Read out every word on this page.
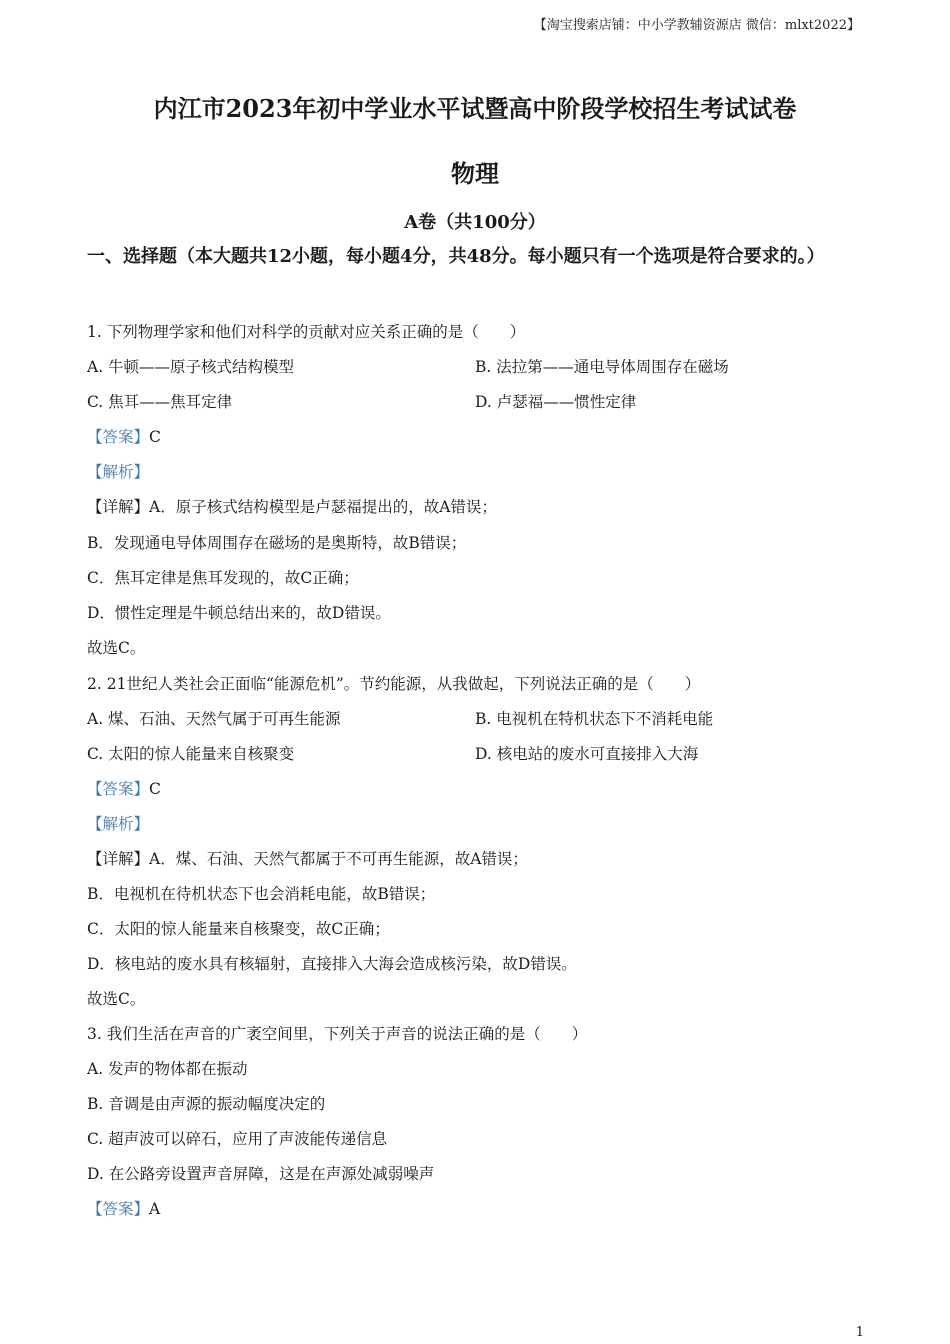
【淘宝搜索店铺：中小学教辅资源店 微信：mlxt2022】
内江市2023年初中学业水平试暨高中阶段学校招生考试试卷
物理
A卷（共100分）
一、选择题（本大题共12小题，每小题4分，共48分。每小题只有一个选项是符合要求的。）
1. 下列物理学家和他们对科学的贡献对应关系正确的是（　　）
A. 牛顿——原子核式结构模型	B. 法拉第——通电导体周围存在磁场
C. 焦耳——焦耳定律	D. 卢瑟福——惯性定律
【答案】C
【解析】
【详解】A．原子核式结构模型是卢瑟福提出的，故A错误；
B．发现通电导体周围存在磁场的是奥斯特，故B错误；
C．焦耳定律是焦耳发现的，故C正确；
D．惯性定理是牛顿总结出来的，故D错误。
故选C。
2. 21世纪人类社会正面临“能源危机”。节约能源，从我做起，下列说法正确的是（　　）
A. 煤、石油、天然气属于可再生能源	B. 电视机在特机状态下不消耗电能
C. 太阳的惊人能量来自核聚变	D. 核电站的废水可直接排入大海
【答案】C
【解析】
【详解】A．煤、石油、天然气都属于不可再生能源，故A错误；
B．电视机在待机状态下也会消耗电能，故B错误；
C．太阳的惊人能量来自核聚变，故C正确；
D．核电站的废水具有核辐射，直接排入大海会造成核污染，故D错误。
故选C。
3. 我们生活在声音的广袤空间里，下列关于声音的说法正确的是（　　）
A. 发声的物体都在振动
B. 音调是由声源的振动幅度决定的
C. 超声波可以碎石，应用了声波能传递信息
D. 在公路旁设置声音屏障，这是在声源处减弱噪声
【答案】A
1
